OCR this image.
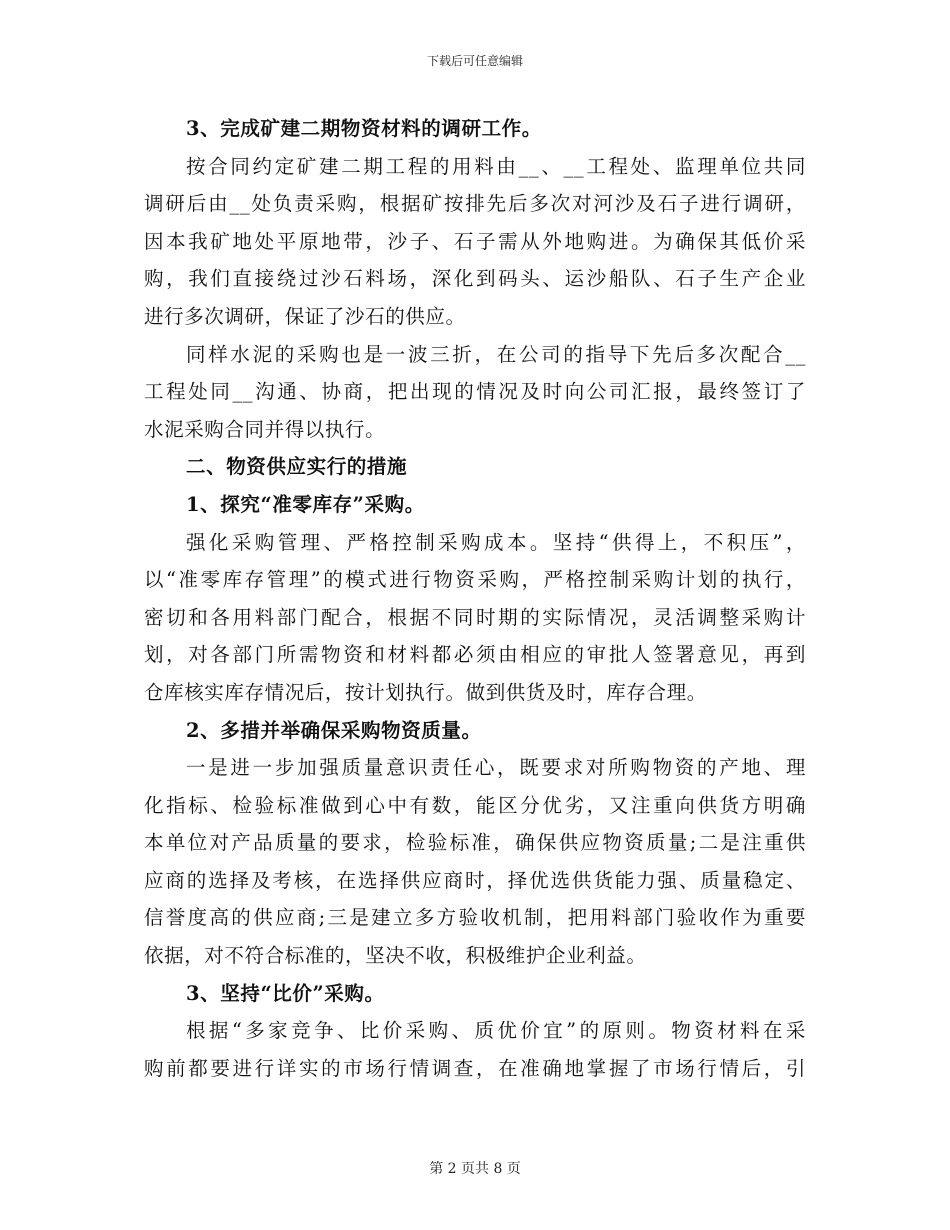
下载后可任意编辑
3、完成矿建二期物资材料的调研工作。
按合同约定矿建二期工程的用料由__、__工程处、监理单位共同
调研后由__处负责采购，根据矿按排先后多次对河沙及石子进行调研，
因本我矿地处平原地带，沙子、石子需从外地购进。为确保其低价采
购，我们直接绕过沙石料场，深化到码头、运沙船队、石子生产企业
进行多次调研，保证了沙石的供应。
同样水泥的采购也是一波三折，在公司的指导下先后多次配合__
工程处同__沟通、协商，把出现的情况及时向公司汇报，最终签订了
水泥采购合同并得以执行。
二、物资供应实行的措施
1、探究“准零库存”采购。
强化采购管理、严格控制采购成本。坚持“供得上，不积压”，
以“准零库存管理”的模式进行物资采购，严格控制采购计划的执行，
密切和各用料部门配合，根据不同时期的实际情况，灵活调整采购计
划，对各部门所需物资和材料都必须由相应的审批人签署意见，再到
仓库核实库存情况后，按计划执行。做到供货及时，库存合理。
2、多措并举确保采购物资质量。
一是进一步加强质量意识责任心，既要求对所购物资的产地、理
化指标、检验标准做到心中有数，能区分优劣，又注重向供货方明确
本单位对产品质量的要求，检验标准，确保供应物资质量;二是注重供
应商的选择及考核，在选择供应商时，择优选供货能力强、质量稳定、
信誉度高的供应商;三是建立多方验收机制，把用料部门验收作为重要
依据，对不符合标准的，坚决不收，积极维护企业利益。
3、坚持“比价”采购。
根据“多家竞争、比价采购、质优价宜”的原则。物资材料在采
购前都要进行详实的市场行情调查，在准确地掌握了市场行情后，引
第 2 页共 8 页
